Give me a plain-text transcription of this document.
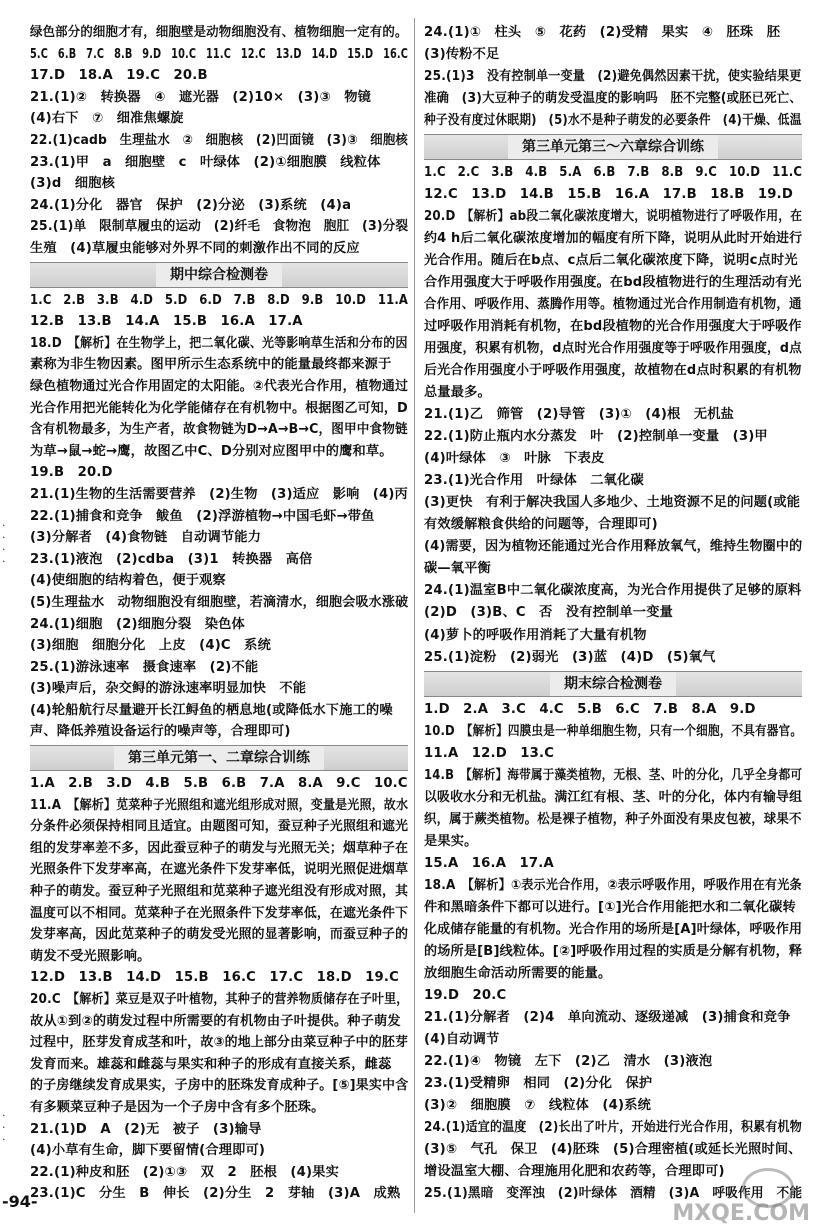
·
·
·
·
·
·
·
绿色部分的细胞才有，细胞壁是动物细胞没有、植物细胞一定有的。
5.C　6.B　7.C　8.B　9.D　10.C　11.C　12.C　13.D　14.D　15.D　16.C
17.D　18.A　19.C　20.B
21.(1)②　转换器　④　遮光器　(2)10×　(3)③　物镜
(4)右下　⑦　细准焦螺旋
22.(1)cadb　生理盐水　②　细胞核　(2)凹面镜　(3)③　细胞核
23.(1)甲　a　细胞壁　c　叶绿体　(2)①细胞膜　线粒体
(3)d　细胞核
24.(1)分化　器官　保护　(2)分泌　(3)系统　(4)a
25.(1)单　限制草履虫的运动　(2)纤毛　食物泡　胞肛　(3)分裂
生殖　(4)草履虫能够对外界不同的刺激作出不同的反应
期中综合检测卷
1.C　2.B　3.B　4.D　5.D　6.D　7.B　8.D　9.B　10.D　11.A
12.B　13.B　14.A　15.B　16.A　17.A
18.D　【解析】在生物学上，把二氧化碳、光等影响草生活和分布的因
素称为非生物因素。图甲所示生态系统中的能量最终都来源于
绿色植物通过光合作用固定的太阳能。②代表光合作用，植物通过
光合作用把光能转化为化学能储存在有机物中。根据图乙可知，D
含有机物最多，为生产者，故食物链为D→A→B→C，图甲中食物链
为草→鼠→蛇→鹰，故图乙中C、D分别对应图甲中的鹰和草。
19.B　20.D
21.(1)生物的生活需要营养　(2)生物　(3)适应　影响　(4)丙
22.(1)捕食和竞争　鲅鱼　(2)浮游植物→中国毛虾→带鱼
(3)分解者　(4)食物链　自动调节能力
23.(1)液泡　(2)cdba　(3)1　转换器　高倍
(4)使细胞的结构着色，便于观察
(5)生理盐水　动物细胞没有细胞壁，若滴清水，细胞会吸水涨破
24.(1)细胞　(2)细胞分裂　染色体
(3)细胞　细胞分化　上皮　(4)C　系统
25.(1)游泳速率　摄食速率　(2)不能
(3)噪声后，杂交鲟的游泳速率明显加快　不能
(4)轮船航行尽量避开长江鲟鱼的栖息地(或降低水下施工的噪
声、降低养殖设备运行的噪声等，合理即可)
第三单元第一、二章综合训练
1.A　2.B　3.D　4.B　5.B　6.B　7.A　8.A　9.C　10.C
11.A　【解析】苋菜种子光照组和遮光组形成对照，变量是光照，故水
分条件必须保持相同且适宜。由题图可知，蚕豆种子光照组和遮光
组的发芽率差不多，因此蚕豆种子的萌发与光照无关；烟草种子在
光照条件下发芽率高，在遮光条件下发芽率低，说明光照促进烟草
种子的萌发。蚕豆种子光照组和苋菜种子遮光组没有形成对照，其
温度可以不相同。苋菜种子在光照条件下发芽率低，在遮光条件下
发芽率高，因此苋菜种子的萌发受光照的显著影响，而蚕豆种子的
萌发不受光照影响。
12.D　13.B　14.D　15.B　16.C　17.C　18.D　19.C
20.C　【解析】菜豆是双子叶植物，其种子的营养物质储存在子叶里，
故从①到②的萌发过程中所需要的有机物由子叶提供。种子萌发
过程中，胚芽发育成茎和叶，故③的地上部分由菜豆种子中的胚芽
发育而来。雄蕊和雌蕊与果实和种子的形成有直接关系，雌蕊
的子房继续发育成果实，子房中的胚珠发育成种子。[⑤]果实中含
有多颗菜豆种子是因为一个子房中含有多个胚珠。
21.(1)D　A　(2)无　被子　(3)输导
(4)小草有生命，脚下要留情(合理即可)
22.(1)种皮和胚　(2)①③　双　2　胚根　(4)果实
23.(1)C　分生　B　伸长　(2)分生　2　芽轴　(3)A　成熟
24.(1)①　柱头　⑤　花药　(2)受精　果实　④　胚珠　胚
(3)传粉不足
25.(1)3　没有控制单一变量　(2)避免偶然因素干扰，使实验结果更
准确　(3)大豆种子的萌发受温度的影响吗　胚不完整(或胚已死亡、
种子没有度过休眠期)　(5)水不是种子萌发的必要条件　(4)干燥、低温
第三单元第三～六章综合训练
1.C　2.C　3.B　4.B　5.A　6.B　7.B　8.B　9.C　10.D　11.C
12.C　13.D　14.B　15.B　16.A　17.B　18.B　19.D
20.D　【解析】ab段二氧化碳浓度增大，说明植物进行了呼吸作用，在
约4 h后二氧化碳浓度增加的幅度有所下降，说明从此时开始进行
光合作用。随后在b点、c点后二氧化碳浓度下降，说明c点时光
合作用强度大于呼吸作用强度。在bd段植物进行的生理活动有光
合作用、呼吸作用、蒸腾作用等。植物通过光合作用制造有机物，通
过呼吸作用消耗有机物，在bd段植物的光合作用强度大于呼吸作
用强度，积累有机物，d点时光合作用强度等于呼吸作用强度，d点
后光合作用强度小于呼吸作用强度，故植物在d点时积累的有机物
总量最多。
21.(1)乙　筛管　(2)导管　(3)①　(4)根　无机盐
22.(1)防止瓶内水分蒸发　叶　(2)控制单一变量　(3)甲
(4)叶绿体　③　叶脉　下表皮
23.(1)光合作用　叶绿体　二氧化碳
(3)更快　有利于解决我国人多地少、土地资源不足的问题(或能
有效缓解粮食供给的问题等，合理即可)
(4)需要，因为植物还能通过光合作用释放氧气，维持生物圈中的
碳—氧平衡
24.(1)温室B中二氧化碳浓度高，为光合作用提供了足够的原料
(2)D　(3)B、C　否　没有控制单一变量
(4)萝卜的呼吸作用消耗了大量有机物
25.(1)淀粉　(2)弱光　(3)蓝　(4)D　(5)氧气
期末综合检测卷
1.D　2.A　3.C　4.C　5.B　6.C　7.B　8.A　9.D
10.D　【解析】四膜虫是一种单细胞生物，只有一个细胞，不具有器官。
11.A　12.D　13.C
14.B　【解析】海带属于藻类植物，无根、茎、叶的分化，几乎全身都可
以吸收水分和无机盐。满江红有根、茎、叶的分化，体内有输导组
织，属于蕨类植物。松是裸子植物，种子外面没有果皮包被，球果不
是果实。
15.A　16.A　17.A
18.A　【解析】①表示光合作用，②表示呼吸作用，呼吸作用在有光条
件和黑暗条件下都可以进行。[①]光合作用能把水和二氧化碳转
化成储存能量的有机物。光合作用的场所是[A]叶绿体，呼吸作用
的场所是[B]线粒体。[②]呼吸作用过程的实质是分解有机物，释
放细胞生命活动所需要的能量。
19.D　20.C
21.(1)分解者　(2)4　单向流动、逐级递减　(3)捕食和竞争
(4)自动调节
22.(1)④　物镜　左下　(2)乙　清水　(3)液泡
23.(1)受精卵　相同　(2)分化　保护
(3)②　细胞膜　⑦　线粒体　(4)系统
24.(1)适宜的温度　(2)长出了叶片，开始进行光合作用，积累有机物
(3)⑤　气孔　保卫　(4)胚珠　(5)合理密植(或延长光照时间、
增设温室大棚、合理施用化肥和农药等，合理即可)
25.(1)黑暗　变浑浊　(2)叶绿体　酒精　(3)A　呼吸作用　不能
-94-	MXQE.COM
